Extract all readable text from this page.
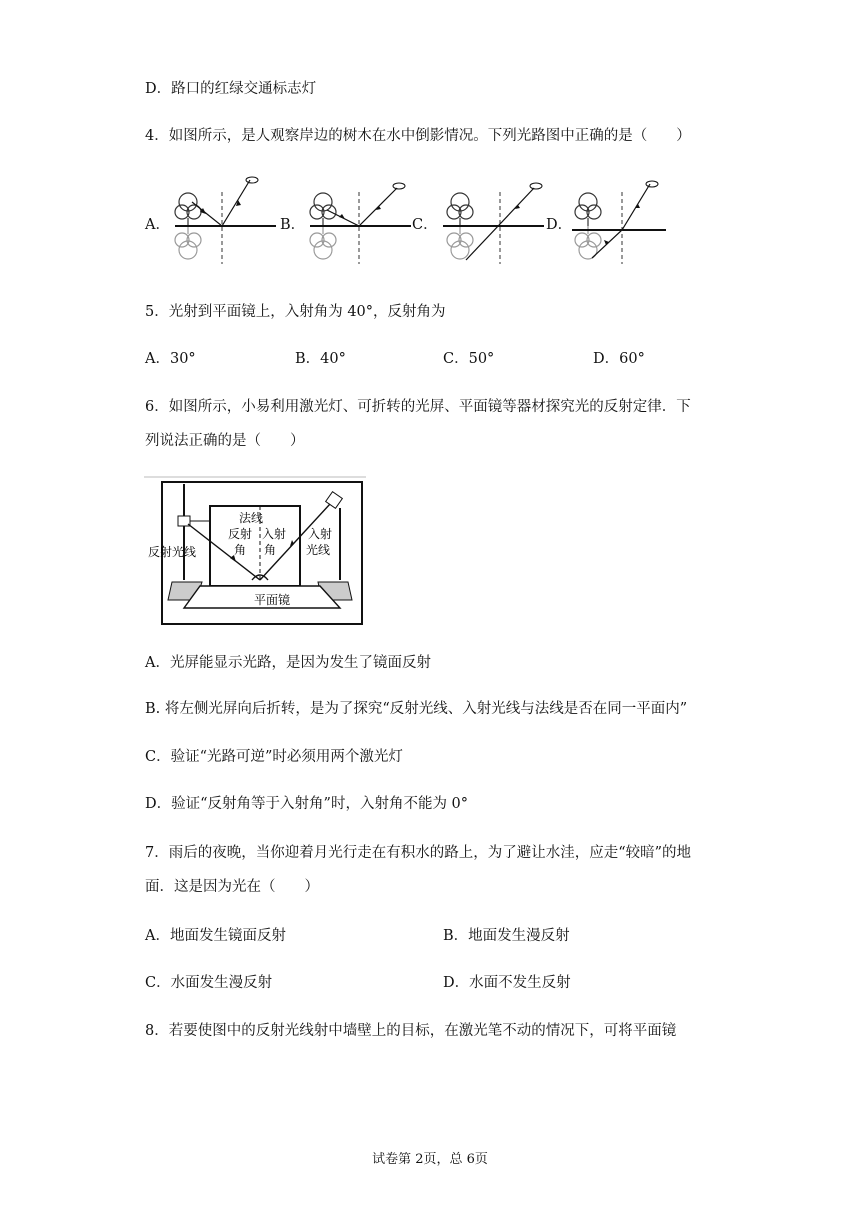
D．路口的红绿交通标志灯
4．如图所示，是人观察岸边的树木在水中倒影情况。下列光路图中正确的是（　　）
A．	B．	C．	D．
5．光射到平面镜上，入射角为 40°，反射角为
A．30°	B．40°	C．50°	D．60°
6．如图所示，小易利用激光灯、可折转的光屏、平面镜等器材探究光的反射定律．下
列说法正确的是（　　）
法线
反射
角
入射
角
反射光线
入射
光线
平面镜
A．光屏能显示光路，是因为发生了镜面反射
B. 将左侧光屏向后折转，是为了探究“反射光线、入射光线与法线是否在同一平面内”
C．验证“光路可逆”时必须用两个激光灯
D．验证“反射角等于入射角”时，入射角不能为 0°
7．雨后的夜晚，当你迎着月光行走在有积水的路上，为了避让水洼，应走“较暗”的地
面．这是因为光在（　　）
A．地面发生镜面反射	B．地面发生漫反射
C．水面发生漫反射	D．水面不发生反射
8．若要使图中的反射光线射中墙壁上的目标，在激光笔不动的情况下，可将平面镜
试卷第 2页，总 6页
